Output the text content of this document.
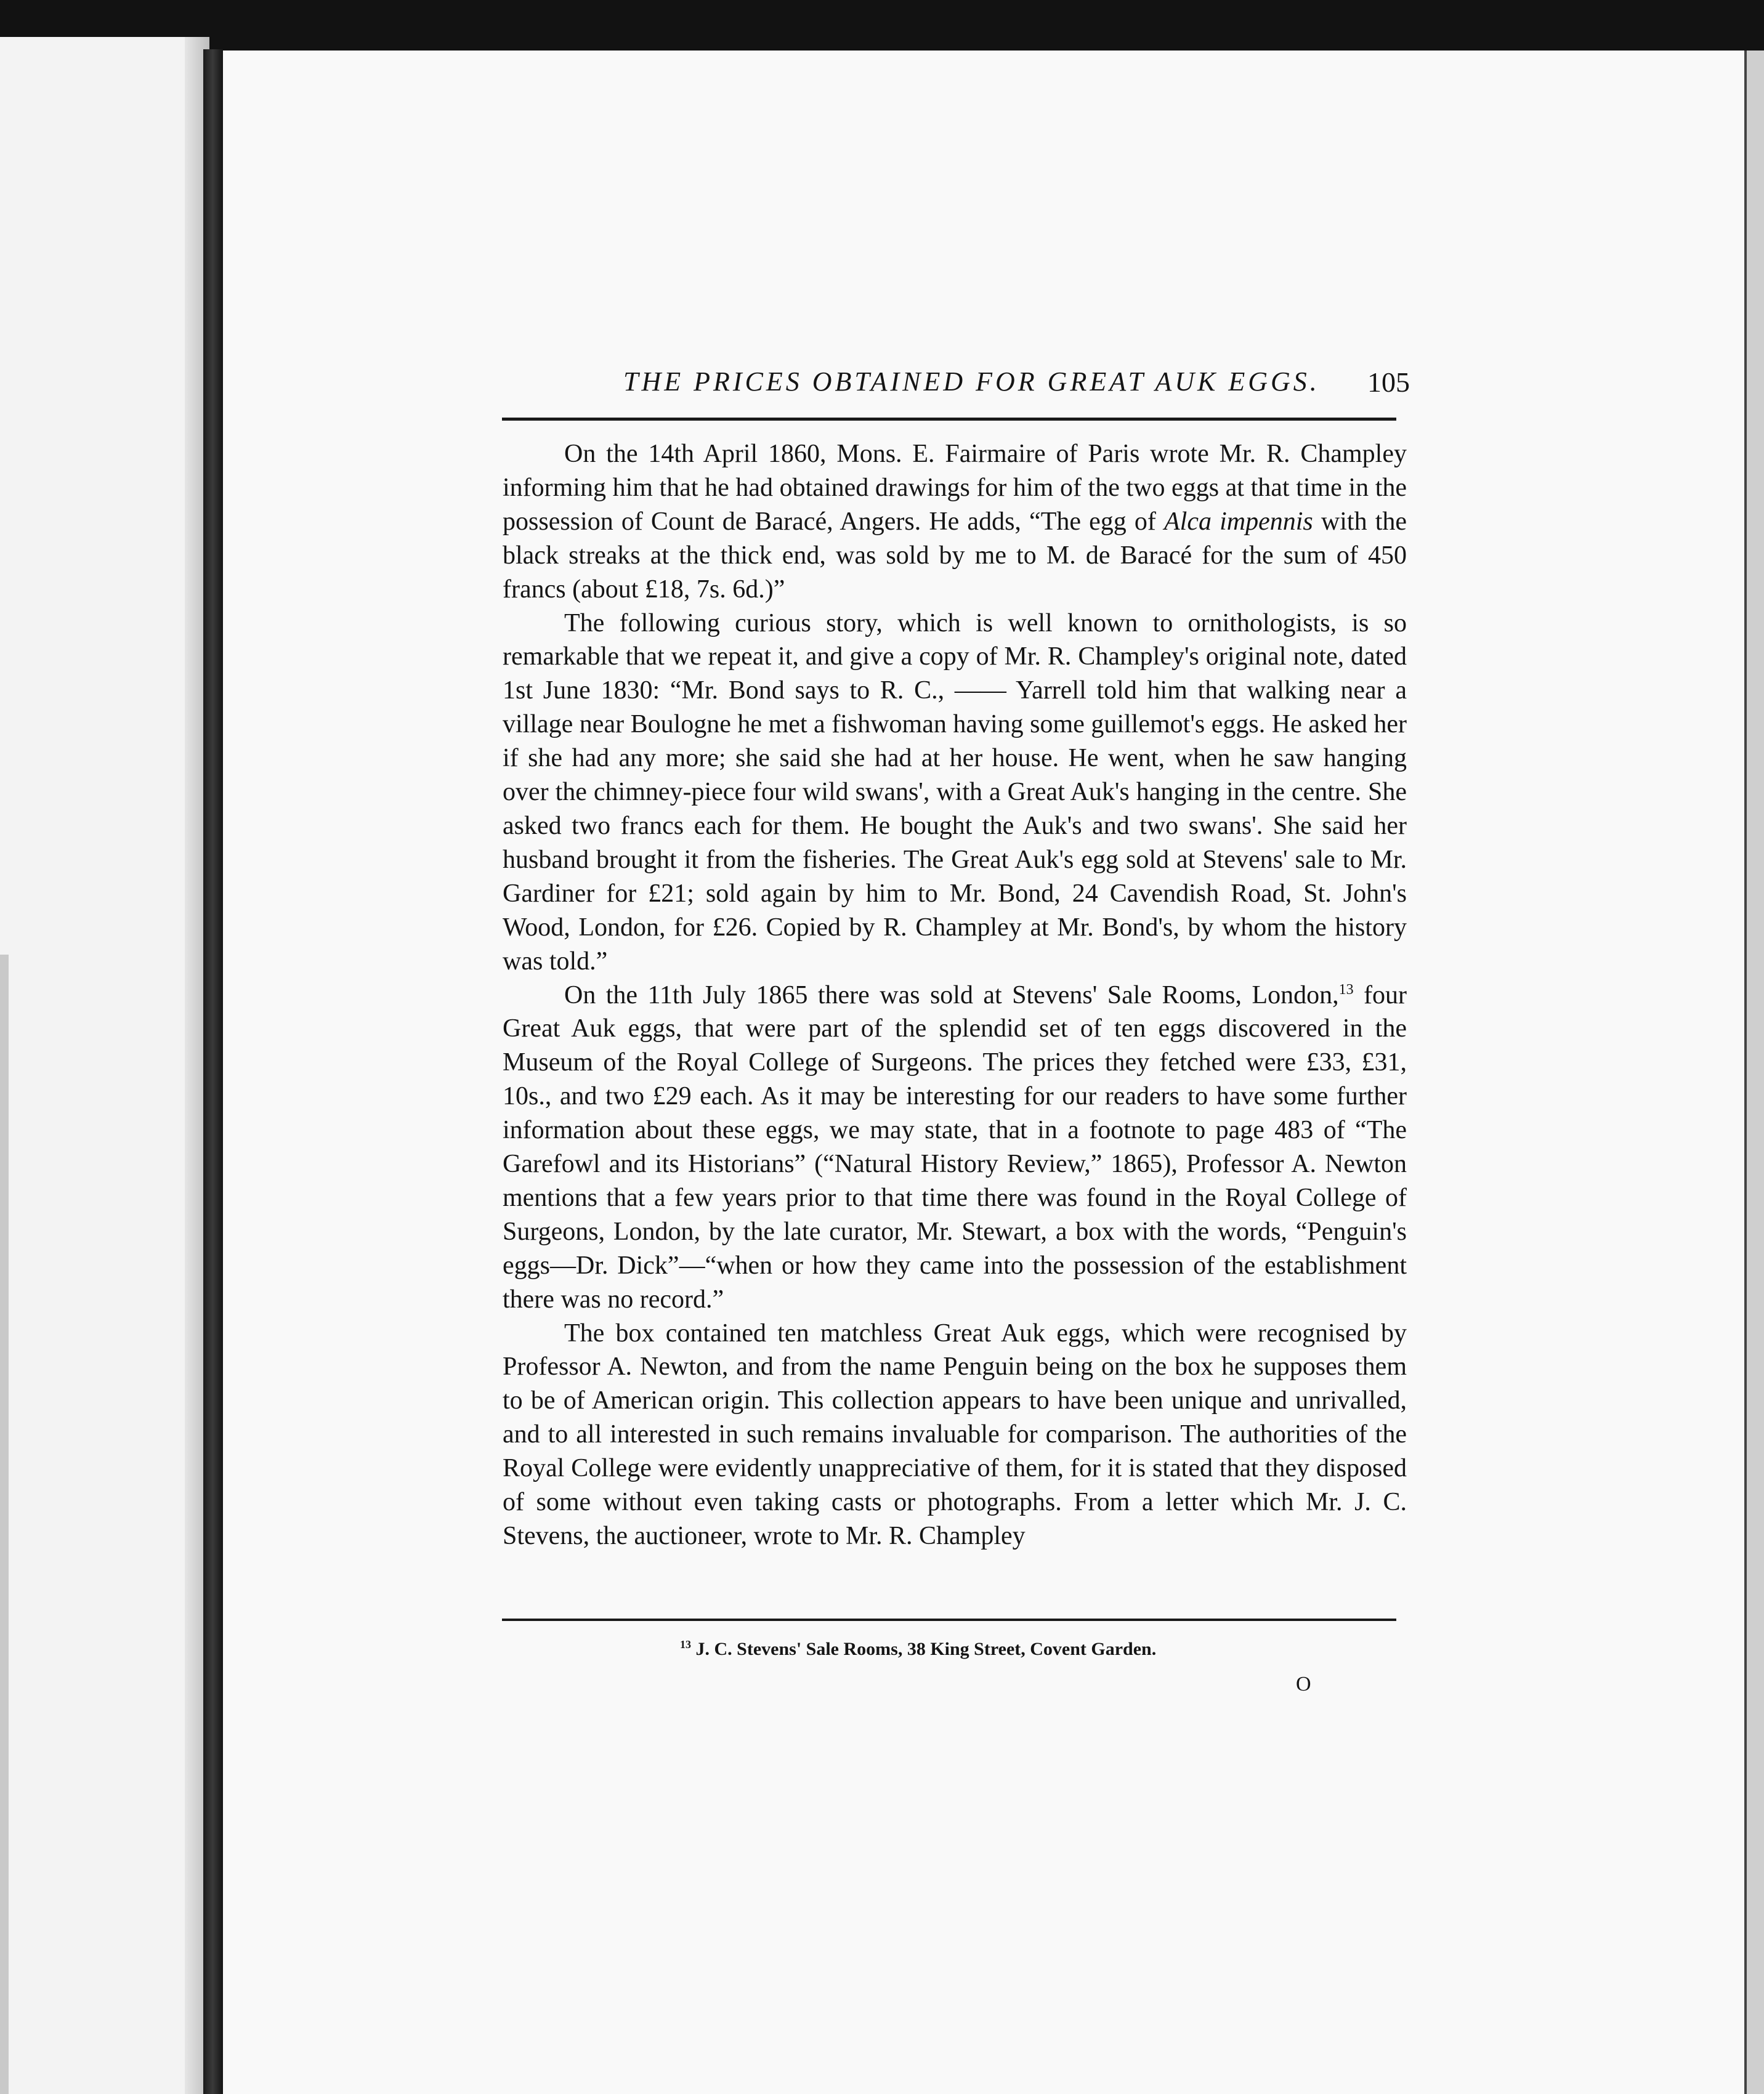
THE PRICES OBTAINED FOR GREAT AUK EGGS. 105

On the 14th April 1860, Mons. E. Fairmaire of Paris wrote Mr. R. Champley informing him that he had obtained drawings for him of the two eggs at that time in the possession of Count de Baracé, Angers. He adds, “The egg of Alca impennis with the black streaks at the thick end, was sold by me to M. de Baracé for the sum of 450 francs (about £18, 7s. 6d.)”

The following curious story, which is well known to ornithologists, is so remarkable that we repeat it, and give a copy of Mr. R. Champley's original note, dated 1st June 1830: “Mr. Bond says to R. C., —— Yarrell told him that walking near a village near Boulogne he met a fishwoman having some guillemot's eggs. He asked her if she had any more; she said she had at her house. He went, when he saw hanging over the chimney-piece four wild swans', with a Great Auk's hanging in the centre. She asked two francs each for them. He bought the Auk's and two swans'. She said her husband brought it from the fisheries. The Great Auk's egg sold at Stevens' sale to Mr. Gardiner for £21; sold again by him to Mr. Bond, 24 Cavendish Road, St. John's Wood, London, for £26. Copied by R. Champley at Mr. Bond's, by whom the history was told.”

On the 11th July 1865 there was sold at Stevens' Sale Rooms, London,$^{13}$ four Great Auk eggs, that were part of the splendid set of ten eggs discovered in the Museum of the Royal College of Surgeons. The prices they fetched were £33, £31, 10s., and two £29 each. As it may be interesting for our readers to have some further information about these eggs, we may state, that in a footnote to page 483 of “The Garefowl and its Historians” (“Natural History Review,” 1865), Professor A. Newton mentions that a few years prior to that time there was found in the Royal College of Surgeons, London, by the late curator, Mr. Stewart, a box with the words, “Penguin's eggs—Dr. Dick”—“when or how they came into the possession of the establishment there was no record.”

The box contained ten matchless Great Auk eggs, which were recognised by Professor A. Newton, and from the name Penguin being on the box he supposes them to be of American origin. This collection appears to have been unique and unrivalled, and to all interested in such remains invaluable for comparison. The authorities of the Royal College were evidently unappreciative of them, for it is stated that they disposed of some without even taking casts or photographs. From a letter which Mr. J. C. Stevens, the auctioneer, wrote to Mr. R. Champley

$^{13}$ J. C. Stevens' Sale Rooms, 38 King Street, Covent Garden.
O
